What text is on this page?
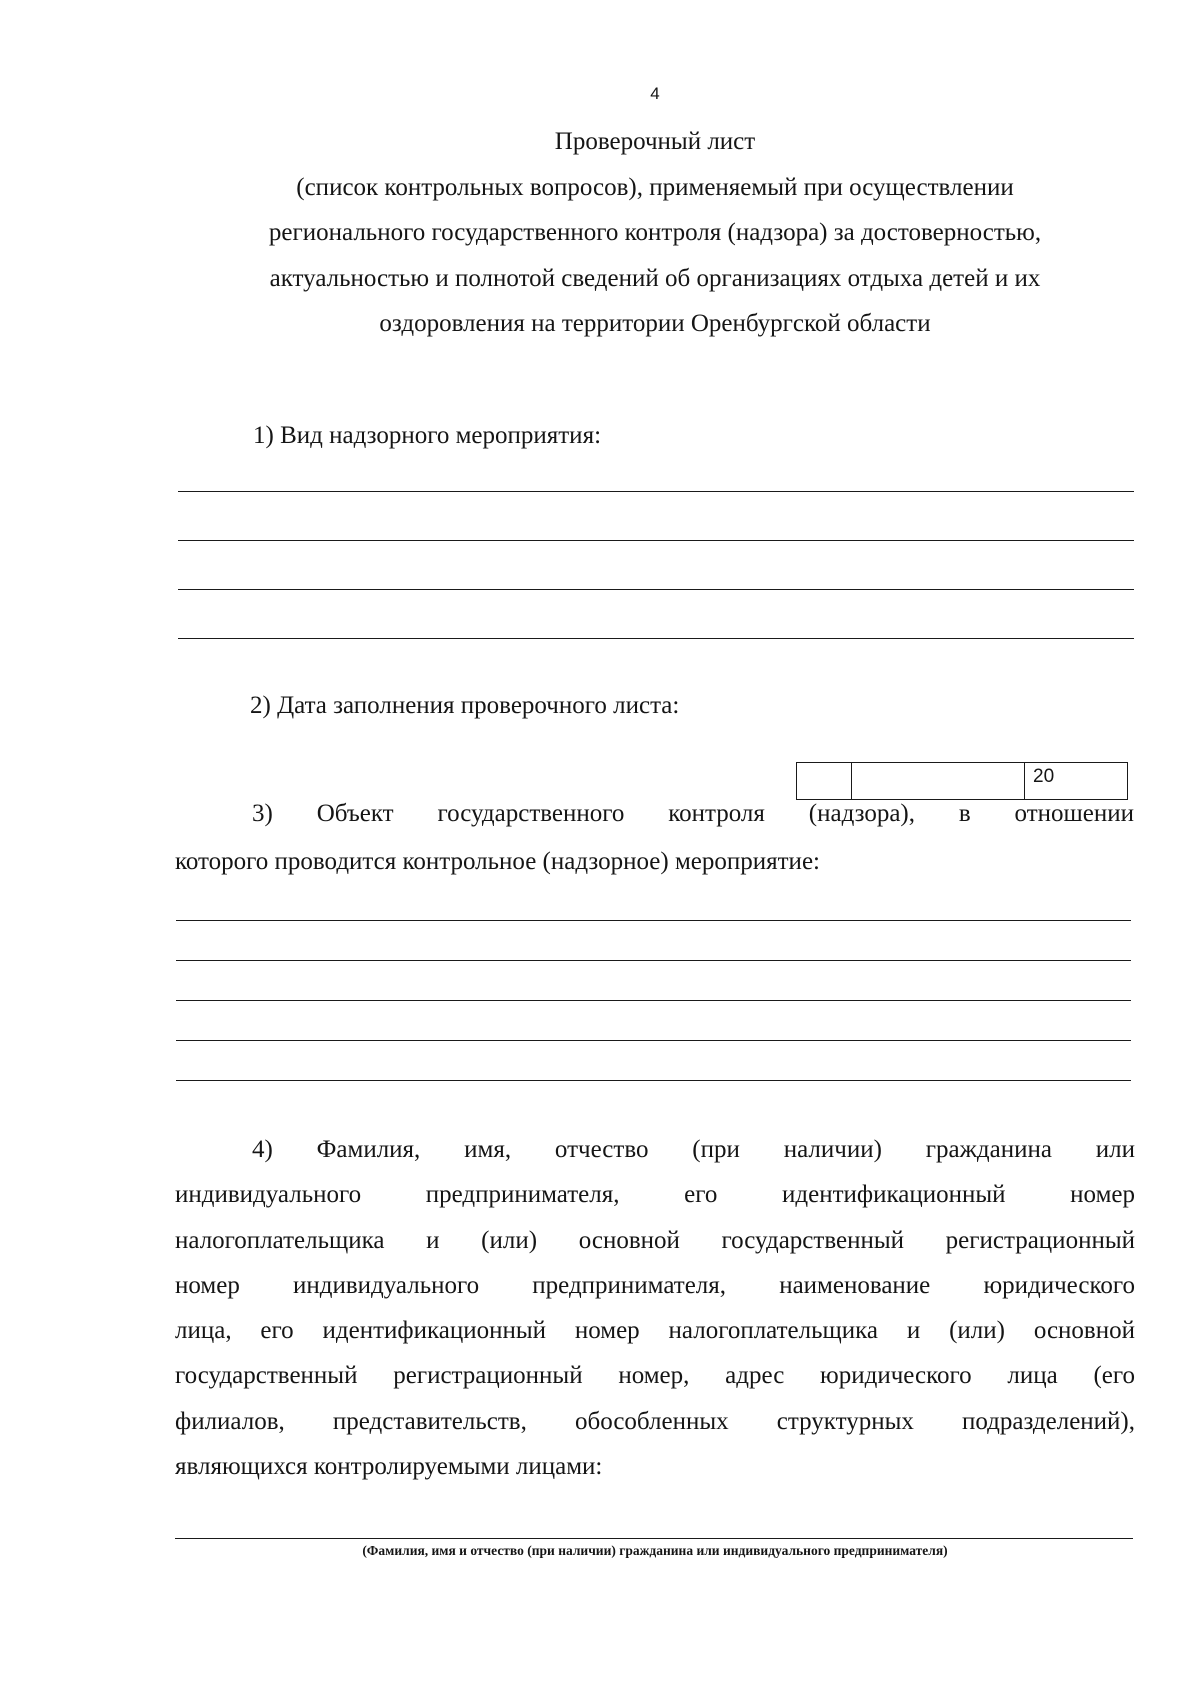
4
Проверочный лист
(список контрольных вопросов), применяемый при осуществлении
регионального государственного контроля (надзора) за достоверностью,
актуальностью и полнотой сведений об организациях отдыха детей и их
оздоровления на территории Оренбургской области
1) Вид надзорного мероприятия:
2) Дата заполнения проверочного листа:
20
3) Объект государственного контроля (надзора), в отношении
которого проводится контрольное (надзорное) мероприятие:
4) Фамилия, имя, отчество (при наличии) гражданина или
индивидуального предпринимателя, его идентификационный номер
налогоплательщика и (или) основной государственный регистрационный
номер индивидуального предпринимателя, наименование юридического
лица, его идентификационный номер налогоплательщика и (или) основной
государственный регистрационный номер, адрес юридического лица (его
филиалов, представительств, обособленных структурных подразделений),
являющихся контролируемыми лицами:
(Фамилия, имя и отчество (при наличии) гражданина или индивидуального предпринимателя)
